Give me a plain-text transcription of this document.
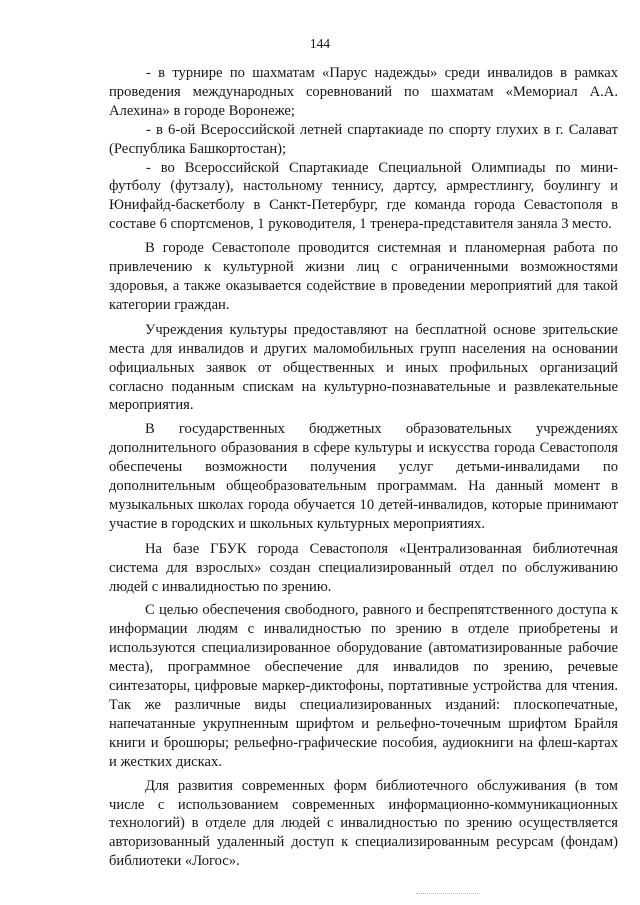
144

- в турнире по шахматам «Парус надежды» среди инвалидов в рамках проведения международных соревнований по шахматам «Мемориал А.А. Алехина» в городе Воронеже;

- в 6-ой Всероссийской летней спартакиаде по спорту глухих в г. Салават (Республика Башкортостан);

- во Всероссийской Спартакиаде Специальной Олимпиады по мини-футболу (футзалу), настольному теннису, дартсу, армрестлингу, боулингу и Юнифайд-баскетболу в Санкт-Петербург, где команда города Севастополя в составе 6 спортсменов, 1 руководителя, 1 тренера-представителя заняла 3 место.

В городе Севастополе проводится системная и планомерная работа по привлечению к культурной жизни лиц с ограниченными возможностями здоровья, а также оказывается содействие в проведении мероприятий для такой категории граждан.

Учреждения культуры предоставляют на бесплатной основе зрительские места для инвалидов и других маломобильных групп населения на основании официальных заявок от общественных и иных профильных организаций согласно поданным спискам на культурно-познавательные и развлекательные мероприятия.

В государственных бюджетных образовательных учреждениях дополнительного образования в сфере культуры и искусства города Севастополя обеспечены возможности получения услуг детьми-инвалидами по дополнительным общеобразовательным программам. На данный момент в музыкальных школах города обучается 10 детей-инвалидов, которые принимают участие в городских и школьных культурных мероприятиях.

На базе ГБУК города Севастополя «Централизованная библиотечная система для взрослых» создан специализированный отдел по обслуживанию людей с инвалидностью по зрению.

С целью обеспечения свободного, равного и беспрепятственного доступа к информации людям с инвалидностью по зрению в отделе приобретены и используются специализированное оборудование (автоматизированные рабочие места), программное обеспечение для инвалидов по зрению, речевые синтезаторы, цифровые маркер-диктофоны, портативные устройства для чтения. Так же различные виды специализированных изданий: плоскопечатные, напечатанные укрупненным шрифтом и рельефно-точечным шрифтом Брайля книги и брошюры; рельефно-графические пособия, аудиокниги на флеш-картах и жестких дисках.

Для развития современных форм библиотечного обслуживания (в том числе с использованием современных информационно-коммуникационных технологий) в отделе для людей с инвалидностью по зрению осуществляется авторизованный удаленный доступ к специализированным ресурсам (фондам) библиотеки «Логос».
